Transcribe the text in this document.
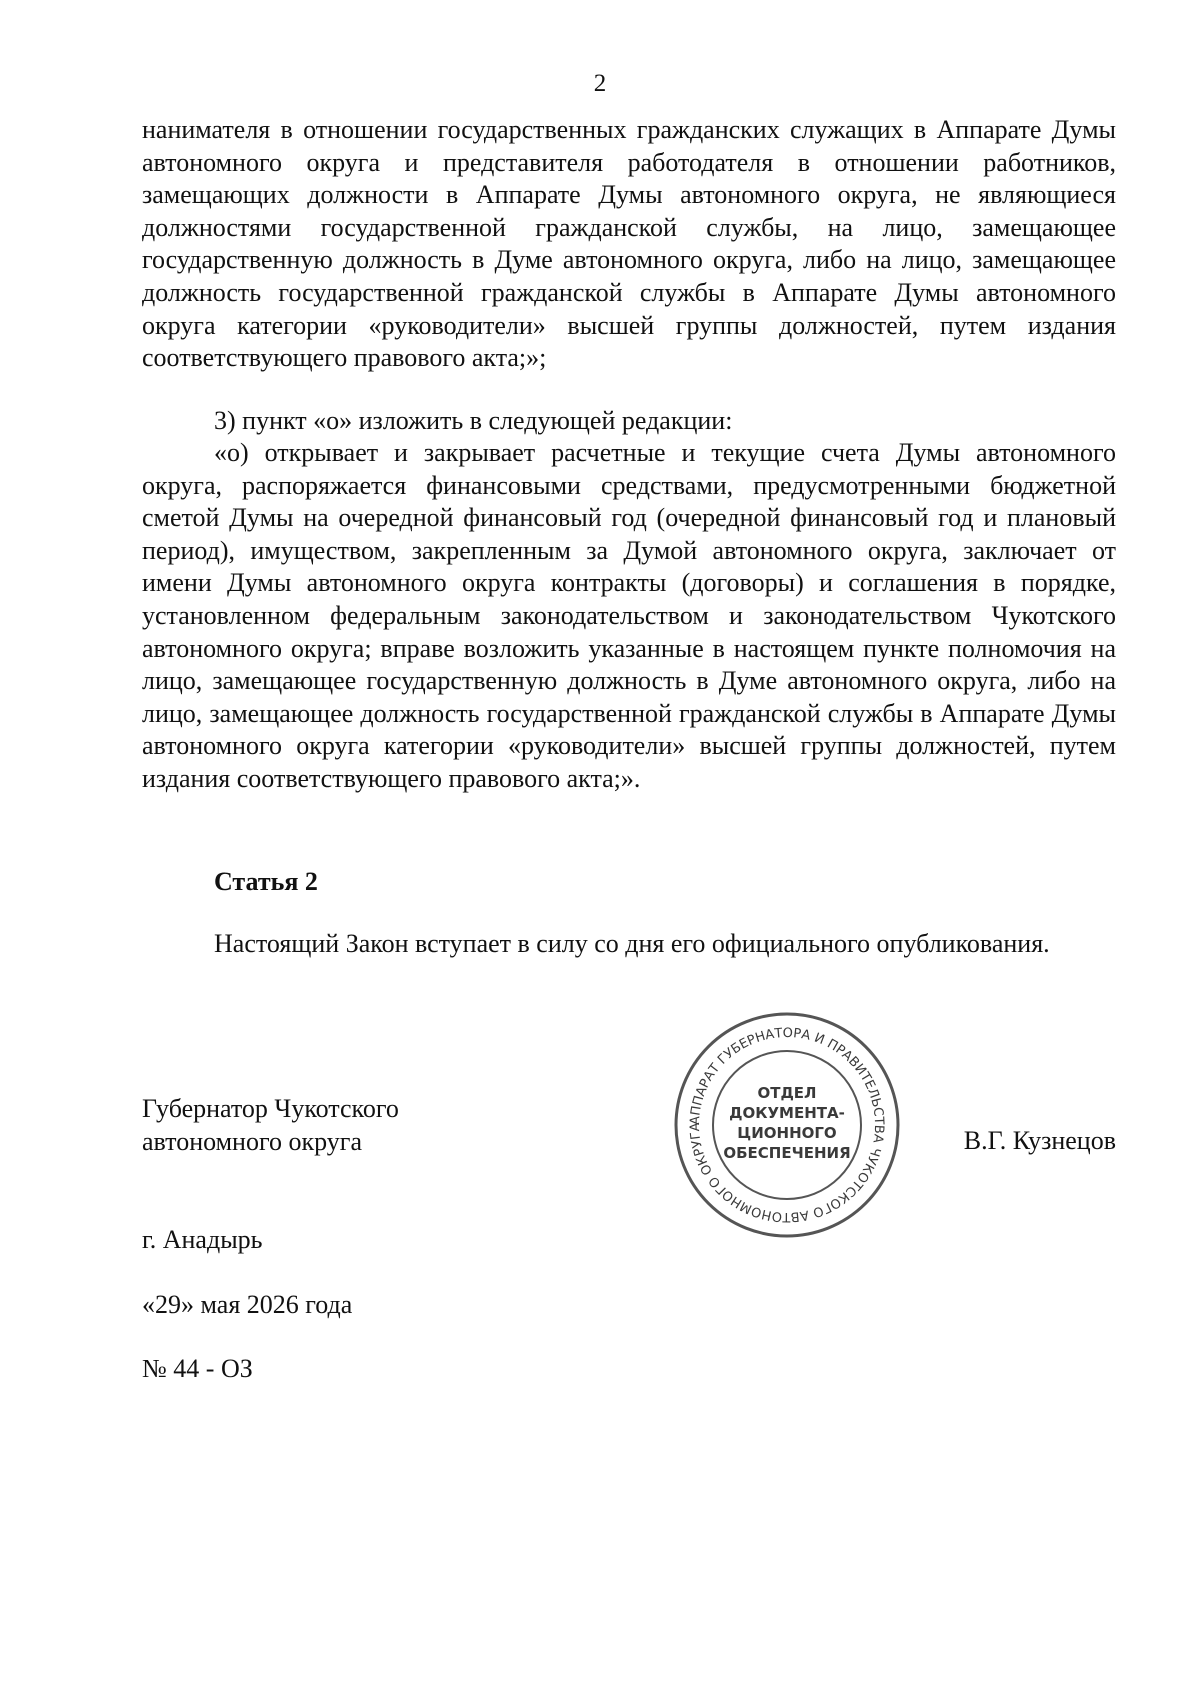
2
нанимателя в отношении государственных гражданских служащих в Аппарате Думы автономного округа и представителя работодателя в отношении работников, замещающих должности в Аппарате Думы автономного округа, не являющиеся должностями государственной гражданской службы, на лицо, замещающее государственную должность в Думе автономного округа, либо на лицо, замещающее должность государственной гражданской службы в Аппарате Думы автономного округа категории «руководители» высшей группы должностей, путем издания соответствующего правового акта;»;
3) пункт «о» изложить в следующей редакции:
«о) открывает и закрывает расчетные и текущие счета Думы автономного округа, распоряжается финансовыми средствами, предусмотренными бюджетной сметой Думы на очередной финансовый год (очередной финансовый год и плановый период), имуществом, закрепленным за Думой автономного округа, заключает от имени Думы автономного округа контракты (договоры) и соглашения в порядке, установленном федеральным законодательством и законодательством Чукотского автономного округа; вправе возложить указанные в настоящем пункте полномочия на лицо, замещающее государственную должность в Думе автономного округа, либо на лицо, замещающее должность государственной гражданской службы в Аппарате Думы автономного округа категории «руководители» высшей группы должностей, путем издания соответствующего правового акта;».
Статья 2
Настоящий Закон вступает в силу со дня его официального опубликования.
Губернатор Чукотского
автономного округа
АППАРАТ ГУБЕРНАТОРА И ПРАВИТЕЛЬСТВА ЧУКОТСКОГО АВТОНОМНОГО ОКРУГА
ОТДЕЛ
ДОКУМЕНТА-
ЦИОННОГО
ОБЕСПЕЧЕНИЯ	В.Г. Кузнецов
г. Анадырь
«29» мая 2026 года
№ 44 - ОЗ
